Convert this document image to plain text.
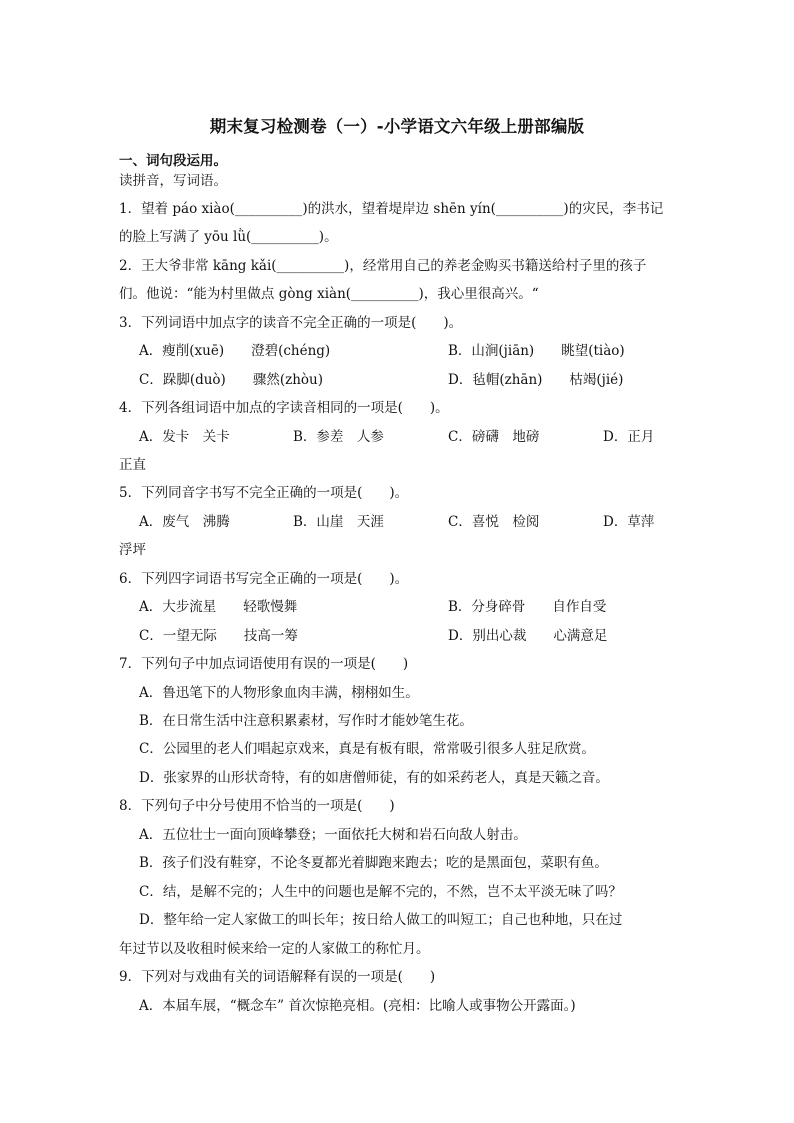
期末复习检测卷（一）-小学语文六年级上册部编版
一、词句段运用。
读拼音，写词语。
1．望着 páo xiào(__________)的洪水，望着堤岸边 shēn yín(__________)的灾民，李书记
的脸上写满了 yōu lǜ(__________)。
2．王大爷非常 kāng kǎi(__________)，经常用自己的养老金购买书籍送给村子里的孩子
们。他说：“能为村里做点 gòng xiàn(__________)，我心里很高兴。“
3．下列词语中加点字的读音不完全正确的一项是(　　)。
A．瘦削(xuē)　　澄碧(chéng)	B．山涧(jiān)　　眺望(tiào)
C．跺脚(duò)　　骤然(zhòu)	D．毡帽(zhān)　　枯竭(jié)
4．下列各组词语中加点的字读音相同的一项是(　　)。
A．发卡　关卡	B．参差　人参	C．磅礴　地磅	D．正月
正直
5．下列同音字书写不完全正确的一项是(　　)。
A．废气　沸腾	B．山崖　天涯	C．喜悦　检阅	D．草萍
浮坪
6．下列四字词语书写完全正确的一项是(　　)。
A．大步流星　　轻歌慢舞	B．分身碎骨　　自作自受
C．一望无际　　技高一筹	D．别出心裁　　心满意足
7．下列句子中加点词语使用有误的一项是(　　)
A．鲁迅笔下的人物形象血肉丰满，栩栩如生。
B．在日常生活中注意积累素材，写作时才能妙笔生花。
C．公园里的老人们唱起京戏来，真是有板有眼，常常吸引很多人驻足欣赏。
D．张家界的山形状奇特，有的如唐僧师徒，有的如采药老人，真是天籁之音。
8．下列句子中分号使用不恰当的一项是(　　)
A．五位壮士一面向顶峰攀登；一面依托大树和岩石向敌人射击。
B．孩子们没有鞋穿，不论冬夏都光着脚跑来跑去；吃的是黑面包，菜职有鱼。
C．结，是解不完的；人生中的问题也是解不完的，不然，岂不太平淡无味了吗？
D．整年给一定人家做工的叫长年；按日给人做工的叫短工；自己也种地，只在过
年过节以及收租时候来给一定的人家做工的称忙月。
9．下列对与戏曲有关的词语解释有误的一项是(　　)
A．本届车展，“概念车” 首次惊艳亮相。(亮相：比喻人或事物公开露面。)
